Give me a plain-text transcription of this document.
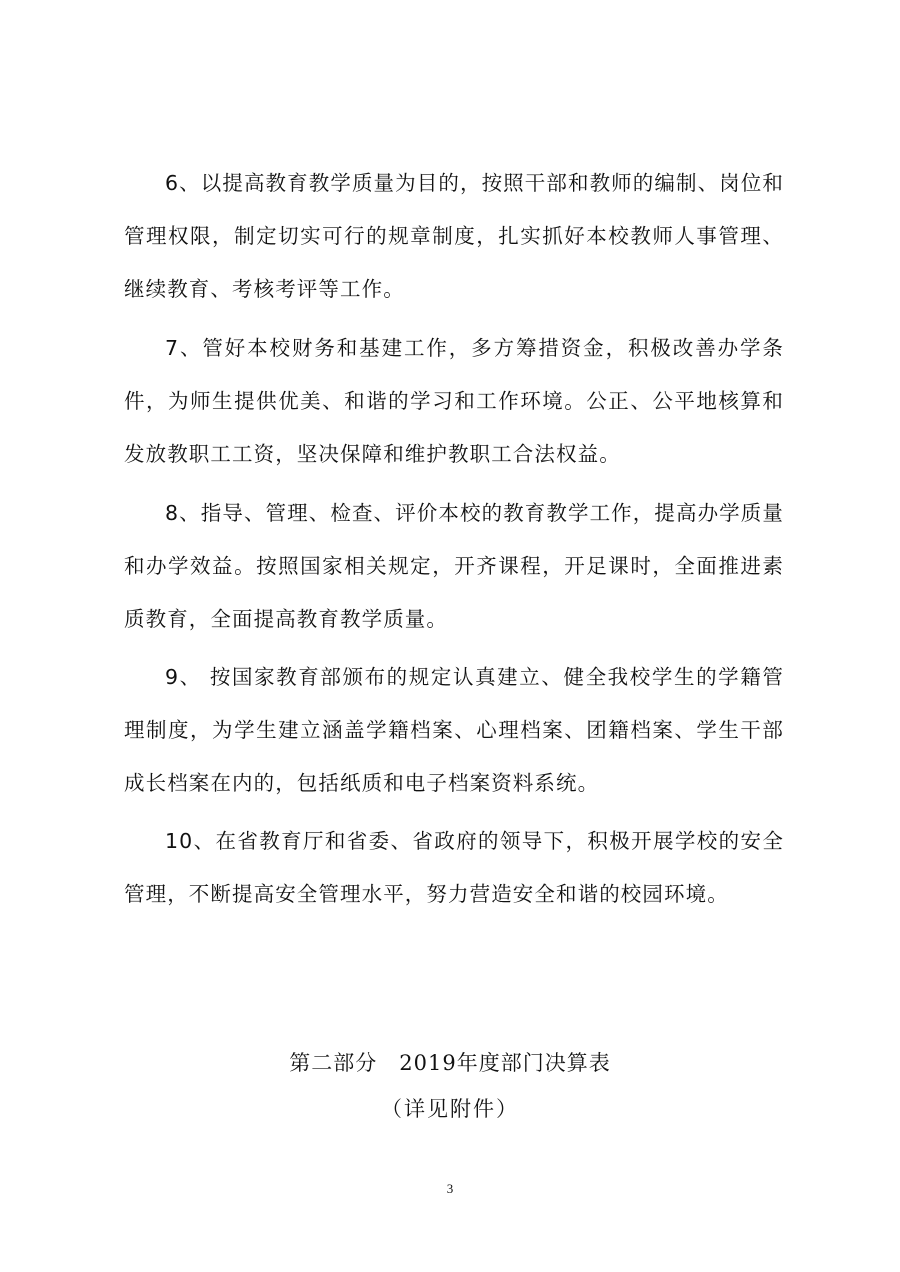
6、以提高教育教学质量为目的，按照干部和教师的编制、岗位和管理权限，制定切实可行的规章制度，扎实抓好本校教师人事管理、继续教育、考核考评等工作。

7、管好本校财务和基建工作，多方筹措资金，积极改善办学条件，为师生提供优美、和谐的学习和工作环境。公正、公平地核算和发放教职工工资，坚决保障和维护教职工合法权益。

8、指导、管理、检查、评价本校的教育教学工作，提高办学质量和办学效益。按照国家相关规定，开齐课程，开足课时，全面推进素质教育，全面提高教育教学质量。

9、 按国家教育部颁布的规定认真建立、健全我校学生的学籍管理制度，为学生建立涵盖学籍档案、心理档案、团籍档案、学生干部成长档案在内的，包括纸质和电子档案资料系统。

10、在省教育厅和省委、省政府的领导下，积极开展学校的安全管理，不断提高安全管理水平，努力营造安全和谐的校园环境。

第二部分　2019年度部门决算表
（详见附件）
3
